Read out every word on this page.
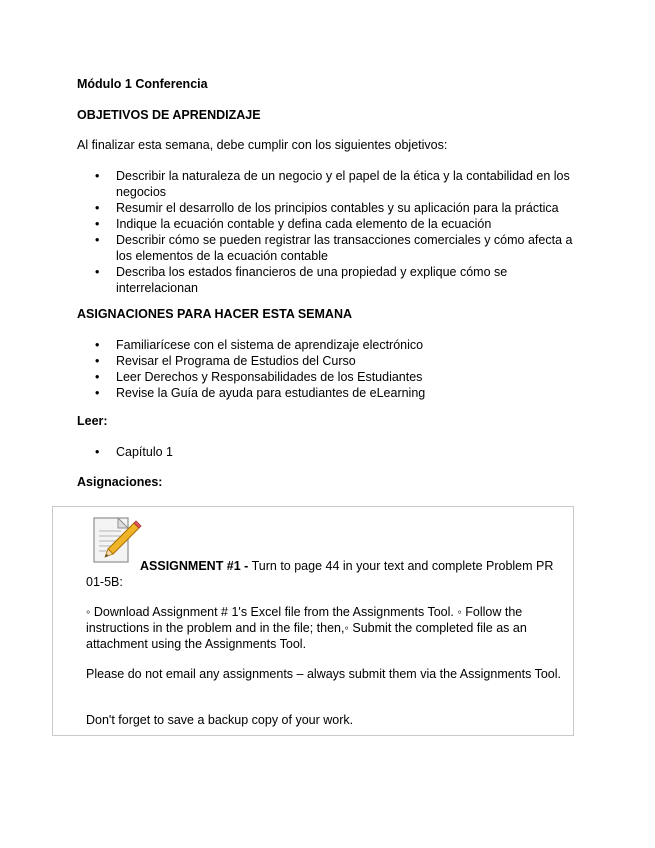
Módulo 1 Conferencia
OBJETIVOS DE APRENDIZAJE
Al finalizar esta semana, debe cumplir con los siguientes objetivos:
• Describir la naturaleza de un negocio y el papel de la ética y la contabilidad en los negocios
• Resumir el desarrollo de los principios contables y su aplicación para la práctica
• Indique la ecuación contable y defina cada elemento de la ecuación
• Describir cómo se pueden registrar las transacciones comerciales y cómo afecta a los elementos de la ecuación contable
• Describa los estados financieros de una propiedad y explique cómo se interrelacionan
ASIGNACIONES PARA HACER ESTA SEMANA
• Familiarícese con el sistema de aprendizaje electrónico
• Revisar el Programa de Estudios del Curso
• Leer Derechos y Responsabilidades de los Estudiantes
• Revise la Guía de ayuda para estudiantes de eLearning
Leer:
• Capítulo 1
Asignaciones:
ASSIGNMENT #1 - Turn to page 44 in your text and complete Problem PR 01-5B:
◦ Download Assignment # 1's Excel file from the Assignments Tool. ◦ Follow the instructions in the problem and in the file; then,◦ Submit the completed file as an attachment using the Assignments Tool.
Please do not email any assignments – always submit them via the Assignments Tool.
Don't forget to save a backup copy of your work.
